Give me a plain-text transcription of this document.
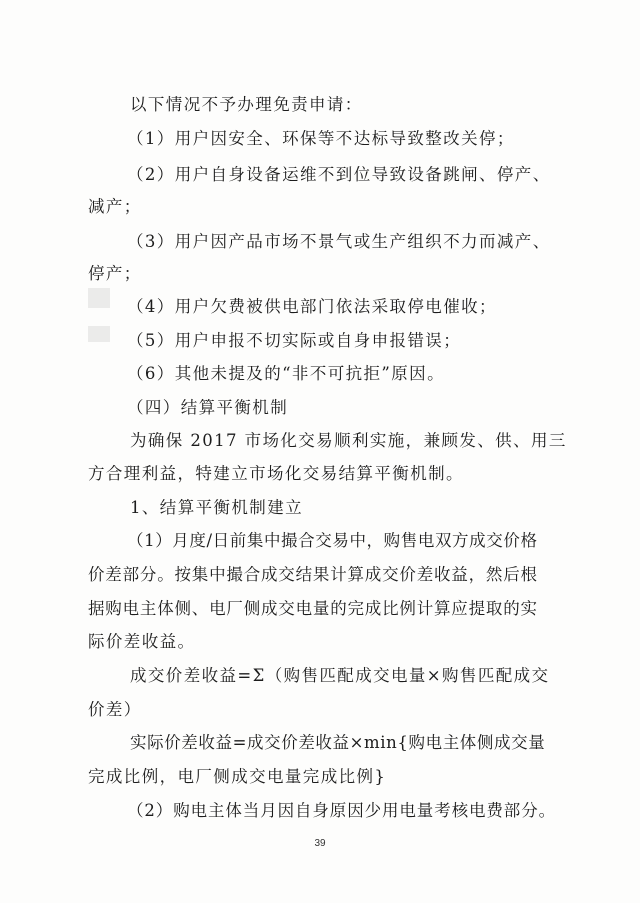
以下情况不予办理免责申请：
（1）用户因安全、环保等不达标导致整改关停；
（2）用户自身设备运维不到位导致设备跳闸、停产、
减产；
（3）用户因产品市场不景气或生产组织不力而减产、
停产；
（4）用户欠费被供电部门依法采取停电催收；
（5）用户申报不切实际或自身申报错误；
（6）其他未提及的“非不可抗拒”原因。
（四）结算平衡机制
为确保 2017 市场化交易顺利实施，兼顾发、供、用三
方合理利益，特建立市场化交易结算平衡机制。
1、结算平衡机制建立
（1）月度/日前集中撮合交易中，购售电双方成交价格
价差部分。按集中撮合成交结果计算成交价差收益，然后根
据购电主体侧、电厂侧成交电量的完成比例计算应提取的实
际价差收益。
成交价差收益=Σ（购售匹配成交电量×购售匹配成交
价差）
实际价差收益=成交价差收益×min{购电主体侧成交量
完成比例，电厂侧成交电量完成比例}
（2）购电主体当月因自身原因少用电量考核电费部分。
39
